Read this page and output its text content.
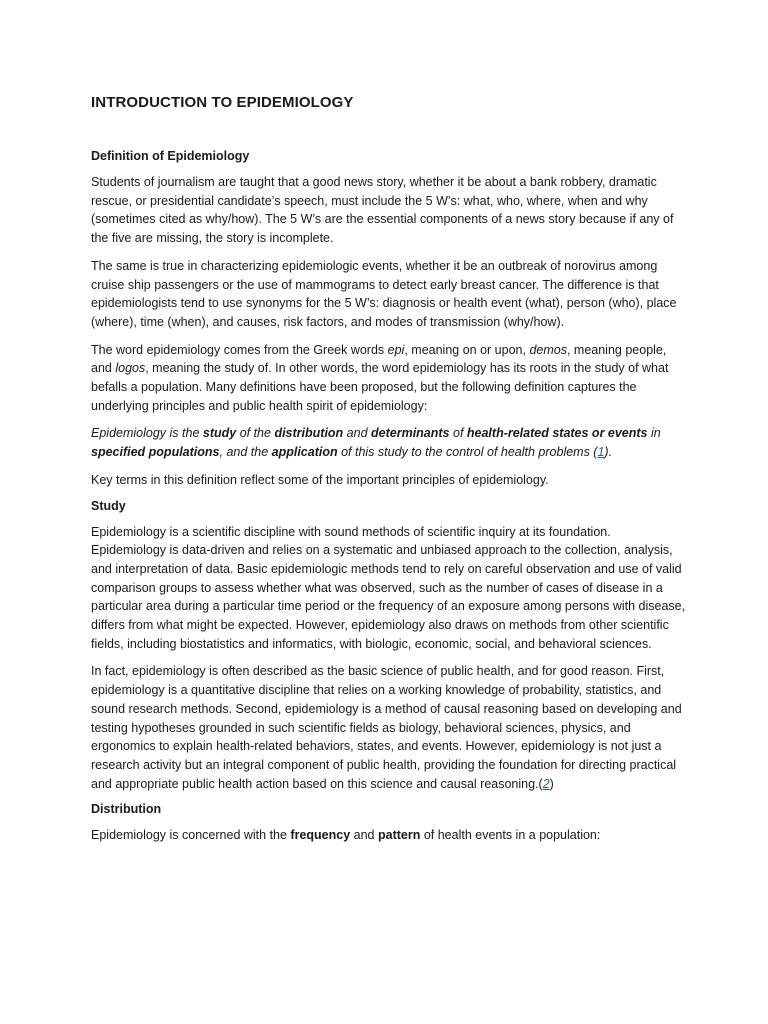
INTRODUCTION TO EPIDEMIOLOGY
Definition of Epidemiology

Students of journalism are taught that a good news story, whether it be about a bank robbery, dramatic rescue, or presidential candidate’s speech, must include the 5 W’s: what, who, where, when and why (sometimes cited as why/how). The 5 W’s are the essential components of a news story because if any of the five are missing, the story is incomplete.

The same is true in characterizing epidemiologic events, whether it be an outbreak of norovirus among cruise ship passengers or the use of mammograms to detect early breast cancer. The difference is that epidemiologists tend to use synonyms for the 5 W’s: diagnosis or health event (what), person (who), place (where), time (when), and causes, risk factors, and modes of transmission (why/how).

The word epidemiology comes from the Greek words epi, meaning on or upon, demos, meaning people, and logos, meaning the study of. In other words, the word epidemiology has its roots in the study of what befalls a population. Many definitions have been proposed, but the following definition captures the underlying principles and public health spirit of epidemiology:

Epidemiology is the study of the distribution and determinants of health-related states or events in specified populations, and the application of this study to the control of health problems (1).

Key terms in this definition reflect some of the important principles of epidemiology.

Study

Epidemiology is a scientific discipline with sound methods of scientific inquiry at its foundation. Epidemiology is data-driven and relies on a systematic and unbiased approach to the collection, analysis, and interpretation of data. Basic epidemiologic methods tend to rely on careful observation and use of valid comparison groups to assess whether what was observed, such as the number of cases of disease in a particular area during a particular time period or the frequency of an exposure among persons with disease, differs from what might be expected. However, epidemiology also draws on methods from other scientific fields, including biostatistics and informatics, with biologic, economic, social, and behavioral sciences.

In fact, epidemiology is often described as the basic science of public health, and for good reason. First, epidemiology is a quantitative discipline that relies on a working knowledge of probability, statistics, and sound research methods. Second, epidemiology is a method of causal reasoning based on developing and testing hypotheses grounded in such scientific fields as biology, behavioral sciences, physics, and ergonomics to explain health-related behaviors, states, and events. However, epidemiology is not just a research activity but an integral component of public health, providing the foundation for directing practical and appropriate public health action based on this science and causal reasoning.(2)

Distribution

Epidemiology is concerned with the frequency and pattern of health events in a population:
